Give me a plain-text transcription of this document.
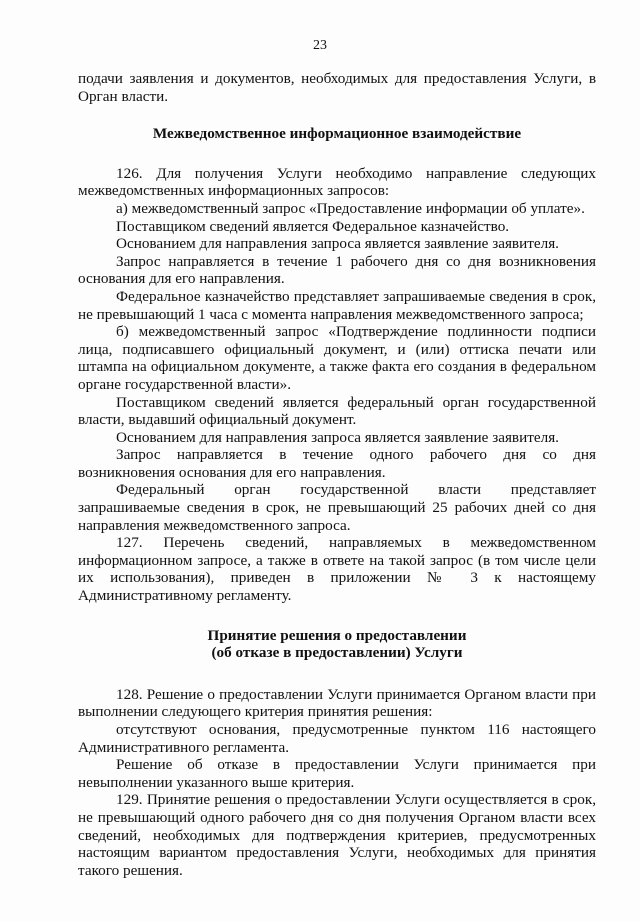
23

подачи заявления и документов, необходимых для предоставления Услуги, в Орган власти.

Межведомственное информационное взаимодействие

126. Для получения Услуги необходимо направление следующих межведомственных информационных запросов:

а) межведомственный запрос «Предоставление информации об уплате».

Поставщиком сведений является Федеральное казначейство.

Основанием для направления запроса является заявление заявителя.

Запрос направляется в течение 1 рабочего дня со дня возникновения основания для его направления.

Федеральное казначейство представляет запрашиваемые сведения в срок, не превышающий 1 часа с момента направления межведомственного запроса;

б) межведомственный запрос «Подтверждение подлинности подписи лица, подписавшего официальный документ, и (или) оттиска печати или штампа на официальном документе, а также факта его создания в федеральном органе государственной власти».

Поставщиком сведений является федеральный орган государственной власти, выдавший официальный документ.

Основанием для направления запроса является заявление заявителя.

Запрос направляется в течение одного рабочего дня со дня возникновения основания для его направления.

Федеральный орган государственной власти представляет запрашиваемые сведения в срок, не превышающий 25 рабочих дней со дня направления межведомственного запроса.

127. Перечень сведений, направляемых в межведомственном информационном запросе, а также в ответе на такой запрос (в том числе цели их использования), приведен в приложении № 3 к настоящему Административному регламенту.

Принятие решения о предоставлении
(об отказе в предоставлении) Услуги

128. Решение о предоставлении Услуги принимается Органом власти при выполнении следующего критерия принятия решения:

отсутствуют основания, предусмотренные пунктом 116 настоящего Административного регламента.

Решение об отказе в предоставлении Услуги принимается при невыполнении указанного выше критерия.

129. Принятие решения о предоставлении Услуги осуществляется в срок, не превышающий одного рабочего дня со дня получения Органом власти всех сведений, необходимых для подтверждения критериев, предусмотренных настоящим вариантом предоставления Услуги, необходимых для принятия такого решения.
